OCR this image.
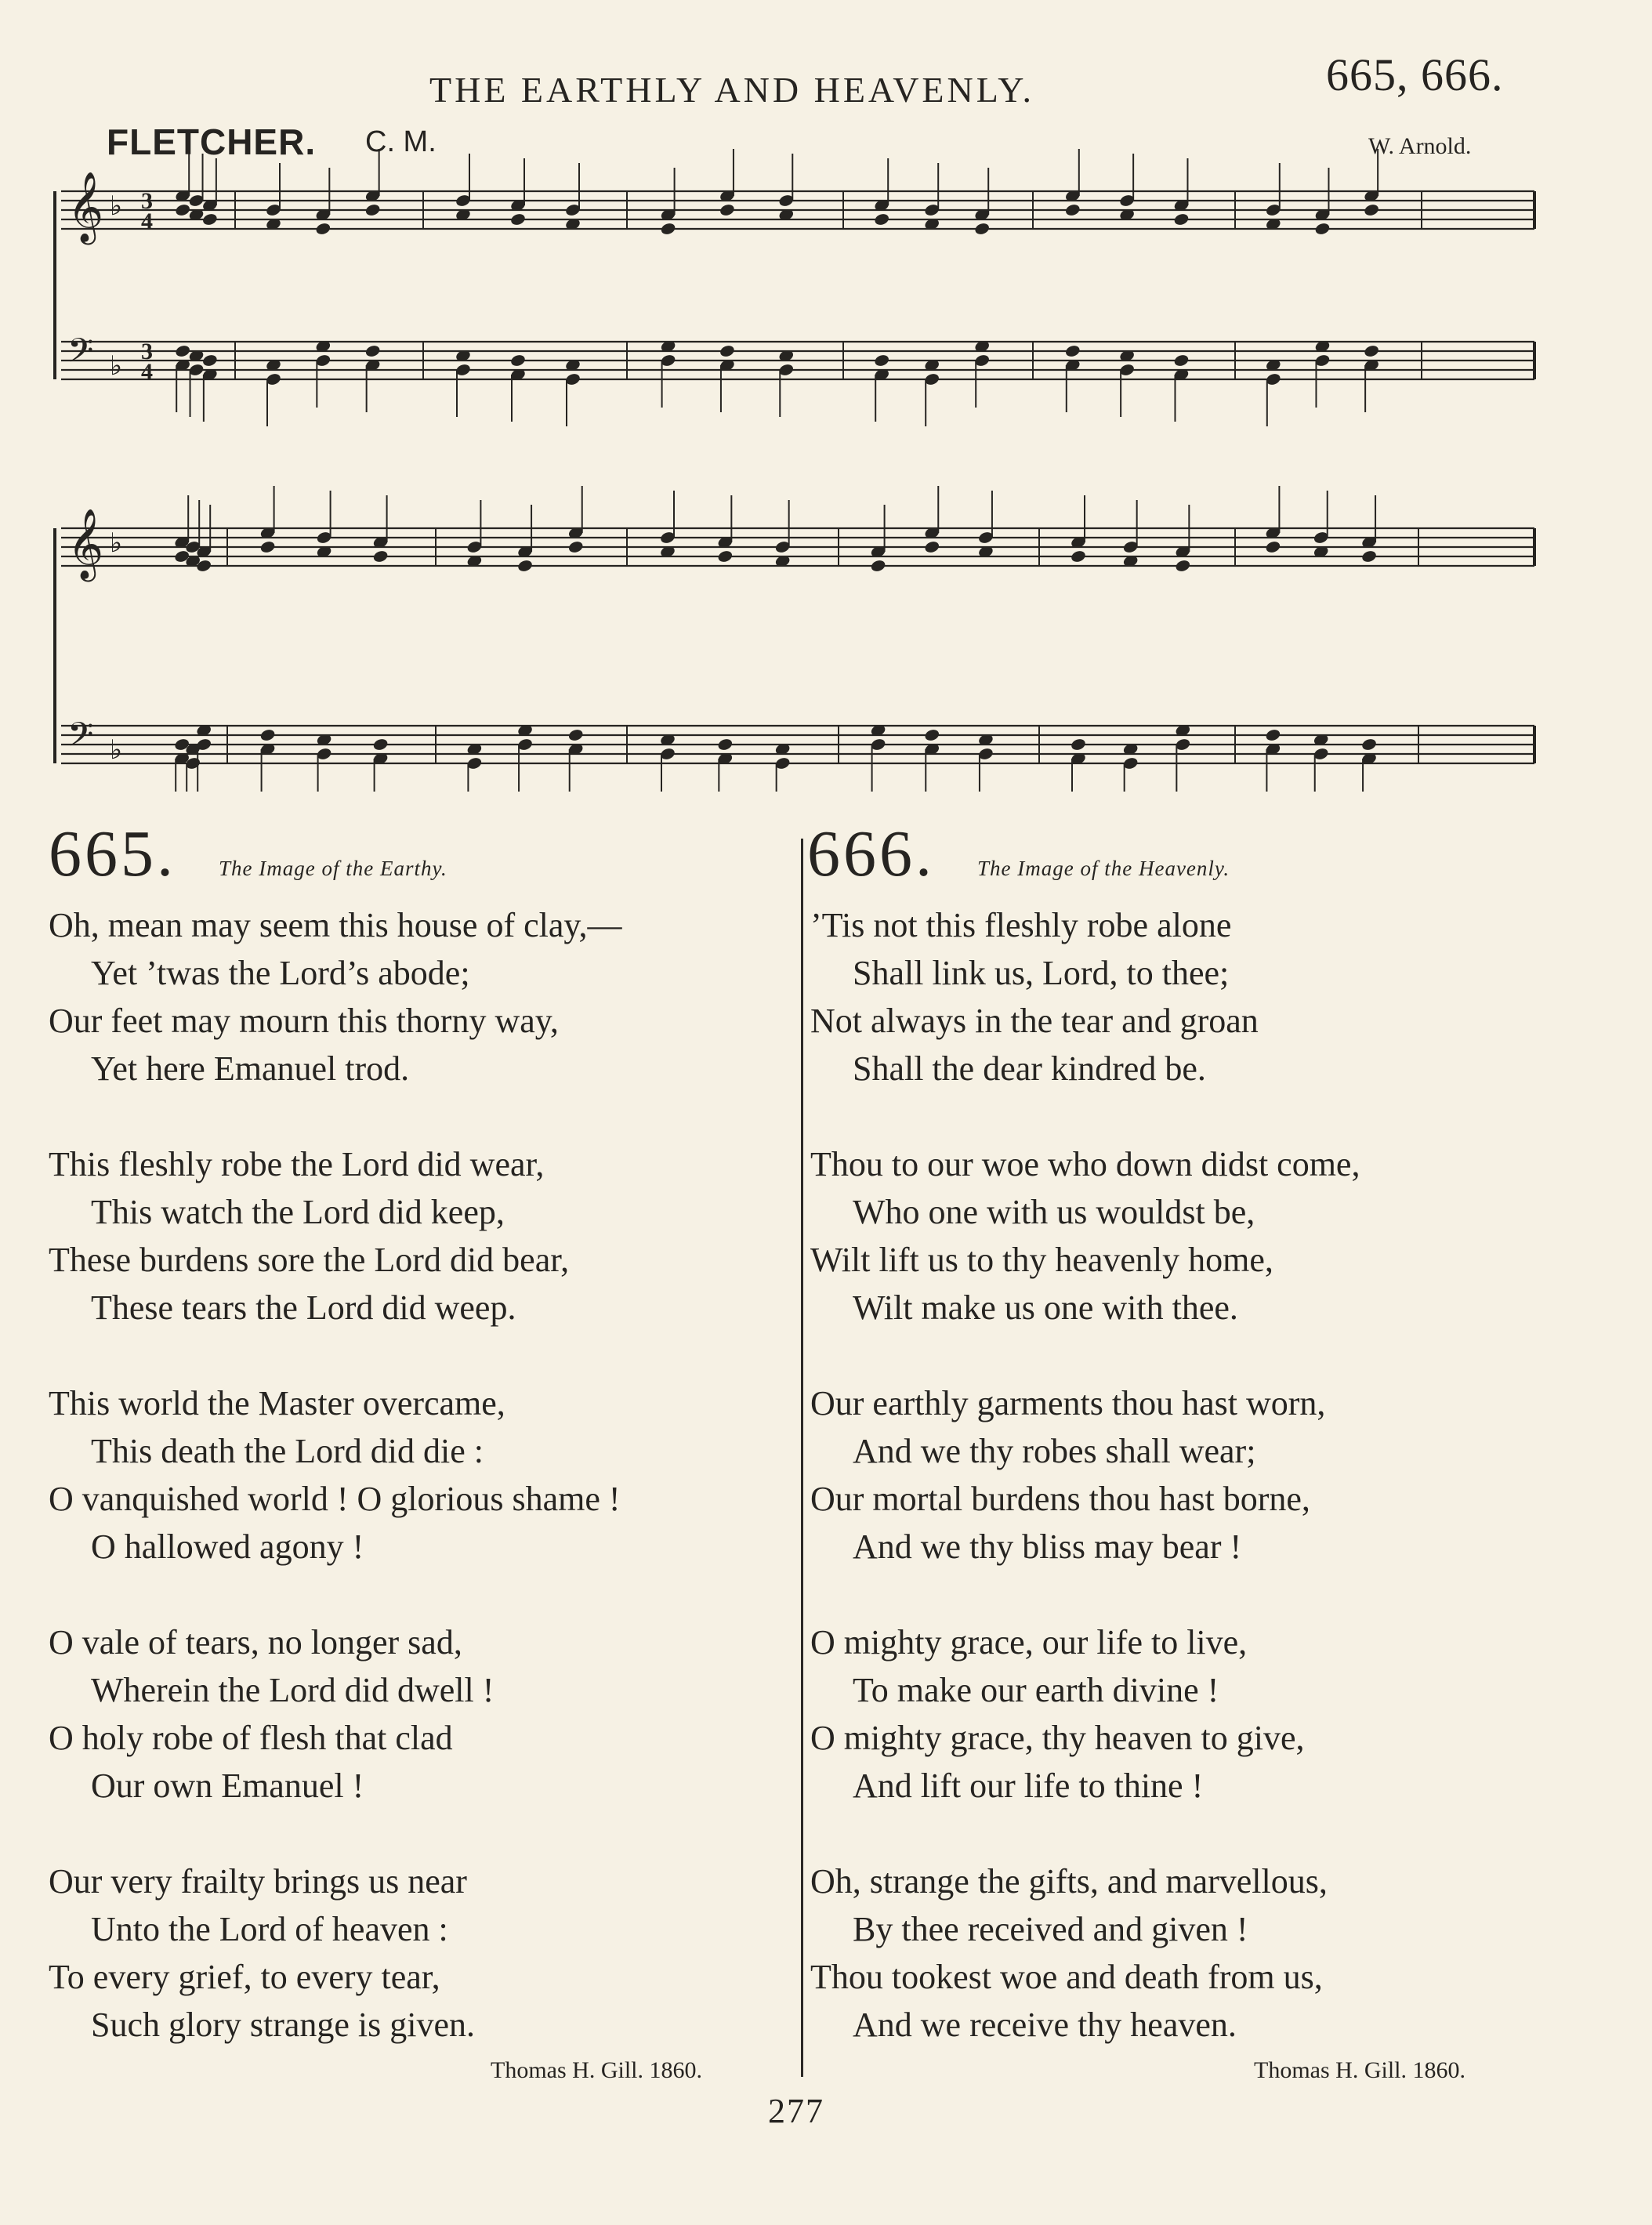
THE EARTHLY AND HEAVENLY.	665, 666.
FLETCHER. C. M.	W. Arnold.
𝄞 ♭
𝄢 ♭
𝄞 ♭
𝄢 ♭
3
4
3
4
665. The Image of the Earthy.
Oh, mean may seem this house of clay,—
Yet ’twas the Lord’s abode;
Our feet may mourn this thorny way,
Yet here Emanuel trod.
This fleshly robe the Lord did wear,
This watch the Lord did keep,
These burdens sore the Lord did bear,
These tears the Lord did weep.
This world the Master overcame,
This death the Lord did die :
O vanquished world ! O glorious shame !
O hallowed agony !
O vale of tears, no longer sad,
Wherein the Lord did dwell !
O holy robe of flesh that clad
Our own Emanuel !
Our very frailty brings us near
Unto the Lord of heaven :
To every grief, to every tear,
Such glory strange is given.
Thomas H. Gill. 1860.
666. The Image of the Heavenly.
’Tis not this fleshly robe alone
Shall link us, Lord, to thee;
Not always in the tear and groan
Shall the dear kindred be.
Thou to our woe who down didst come,
Who one with us wouldst be,
Wilt lift us to thy heavenly home,
Wilt make us one with thee.
Our earthly garments thou hast worn,
And we thy robes shall wear;
Our mortal burdens thou hast borne,
And we thy bliss may bear !
O mighty grace, our life to live,
To make our earth divine !
O mighty grace, thy heaven to give,
And lift our life to thine !
Oh, strange the gifts, and marvellous,
By thee received and given !
Thou tookest woe and death from us,
And we receive thy heaven.
Thomas H. Gill. 1860.
277
